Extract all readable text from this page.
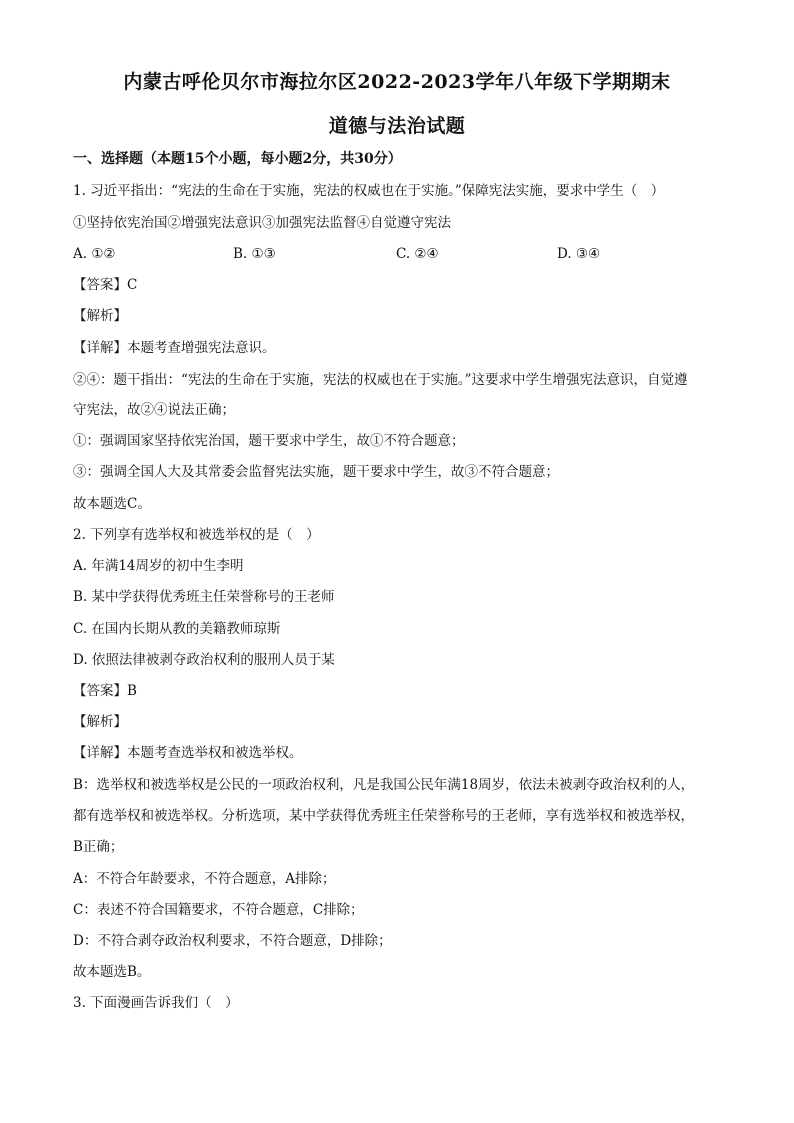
内蒙古呼伦贝尔市海拉尔区2022-2023学年八年级下学期期末
道德与法治试题
一、选择题（本题15个小题，每小题2分，共30分）
1. 习近平指出：“宪法的生命在于实施，宪法的权威也在于实施。”保障宪法实施，要求中学生（　）
①坚持依宪治国②增强宪法意识③加强宪法监督④自觉遵守宪法
A. ①②	B. ①③	C. ②④	D. ③④
【答案】C
【解析】
【详解】本题考查增强宪法意识。
②④：题干指出：“宪法的生命在于实施，宪法的权威也在于实施。”这要求中学生增强宪法意识，自觉遵
守宪法，故②④说法正确；
①：强调国家坚持依宪治国，题干要求中学生，故①不符合题意；
③：强调全国人大及其常委会监督宪法实施，题干要求中学生，故③不符合题意；
故本题选C。
2. 下列享有选举权和被选举权的是（　）
A. 年满14周岁的初中生李明
B. 某中学获得优秀班主任荣誉称号的王老师
C. 在国内长期从教的美籍教师琼斯
D. 依照法律被剥夺政治权利的服刑人员于某
【答案】B
【解析】
【详解】本题考查选举权和被选举权。
B：选举权和被选举权是公民的一项政治权利，凡是我国公民年满18周岁，依法未被剥夺政治权利的人，
都有选举权和被选举权。分析选项，某中学获得优秀班主任荣誉称号的王老师，享有选举权和被选举权，
B正确；
A：不符合年龄要求，不符合题意，A排除；
C：表述不符合国籍要求，不符合题意，C排除；
D：不符合剥夺政治权利要求，不符合题意，D排除；
故本题选B。
3. 下面漫画告诉我们（　）
